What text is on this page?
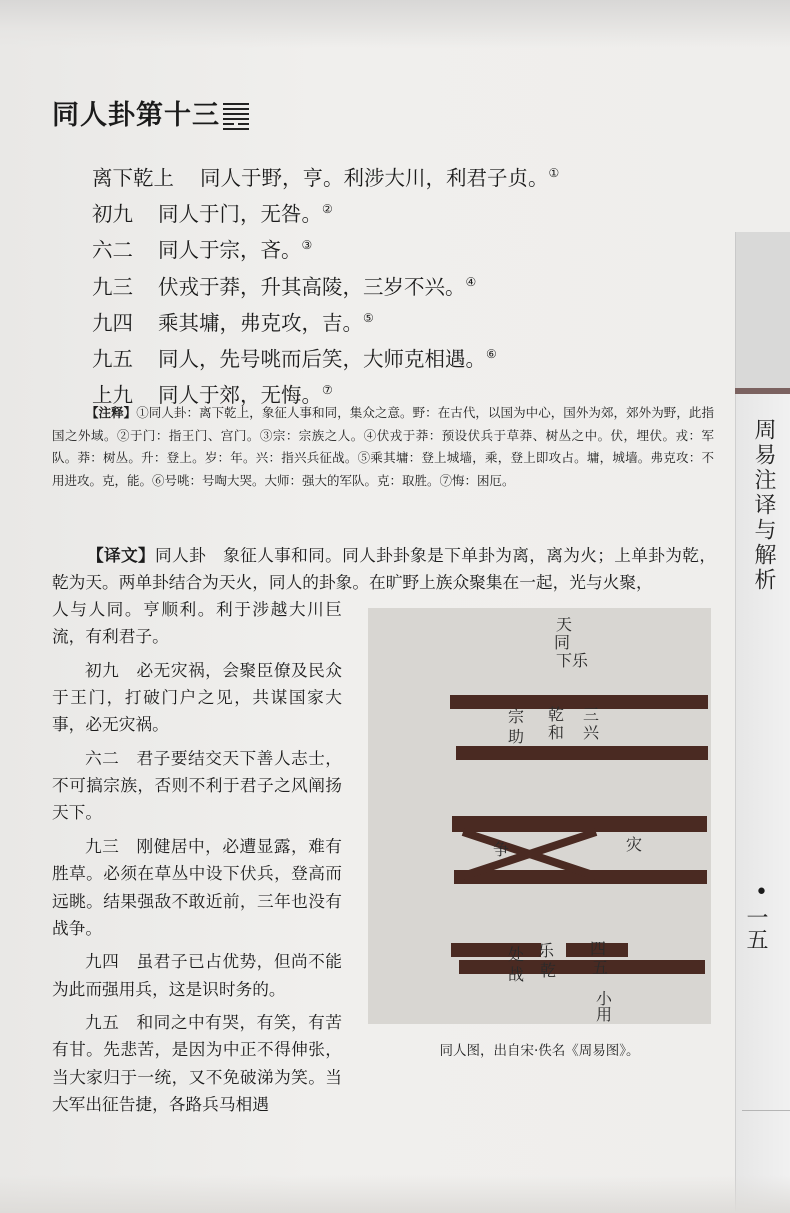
周易注译与解析
•
一五
同人卦第十三
离下乾上 同人于野，亨。利涉大川，利君子贞。①
初九 同人于门，无咎。②
六二 同人于宗，吝。③
九三 伏戎于莽，升其高陵，三岁不兴。④
九四 乘其墉，弗克攻，吉。⑤
九五 同人，先号咷而后笑，大师克相遇。⑥
上九 同人于郊，无悔。⑦
【注释】①同人卦：离下乾上，象征人事和同，集众之意。野：在古代，以国为中心，国外为郊，郊外为野，此指国之外域。②于门：指王门、宫门。③宗：宗族之人。④伏戎于莽：预设伏兵于草莽、树丛之中。伏，埋伏。戎：军队。莽：树丛。升：登上。岁：年。兴：指兴兵征战。⑤乘其墉：登上城墙，乘，登上即攻占。墉，城墙。弗克攻：不用进攻。克，能。⑥号咷：号啕大哭。大师：强大的军队。克：取胜。⑦悔：困厄。
【译文】同人卦　象征人事和同。同人卦卦象是下单卦为离，离为火；上单卦为乾，乾为天。两单卦结合为天火，同人的卦象。在旷野上族众聚集在一起，光与火聚，

人与人同。亨顺利。利于涉越大川巨流，有利君子。

初九　必无灾祸，会聚臣僚及民众于王门，打破门户之见，共谋国家大事，必无灾祸。

六二　君子要结交天下善人志士，不可搞宗族，否则不利于君子之风阐扬天下。

九三　刚健居中，必遭显露，难有胜草。必须在草丛中设下伏兵，登高而远眺。结果强敌不敢近前，三年也没有战争。

九四　虽君子已占优势，但尚不能为此而强用兵，这是识时务的。

九五　和同之中有哭，有笑，有苦有甘。先悲苦，是因为中正不得伸张，当大家归于一统，又不免破涕为笑。当大军出征告捷，各路兵马相遇

天
同
下 乐
宗
助
乾
和
三
兴
争	灾
四
乐
处
战	五
乾
小
用
同人图，出自宋·佚名《周易图》。
